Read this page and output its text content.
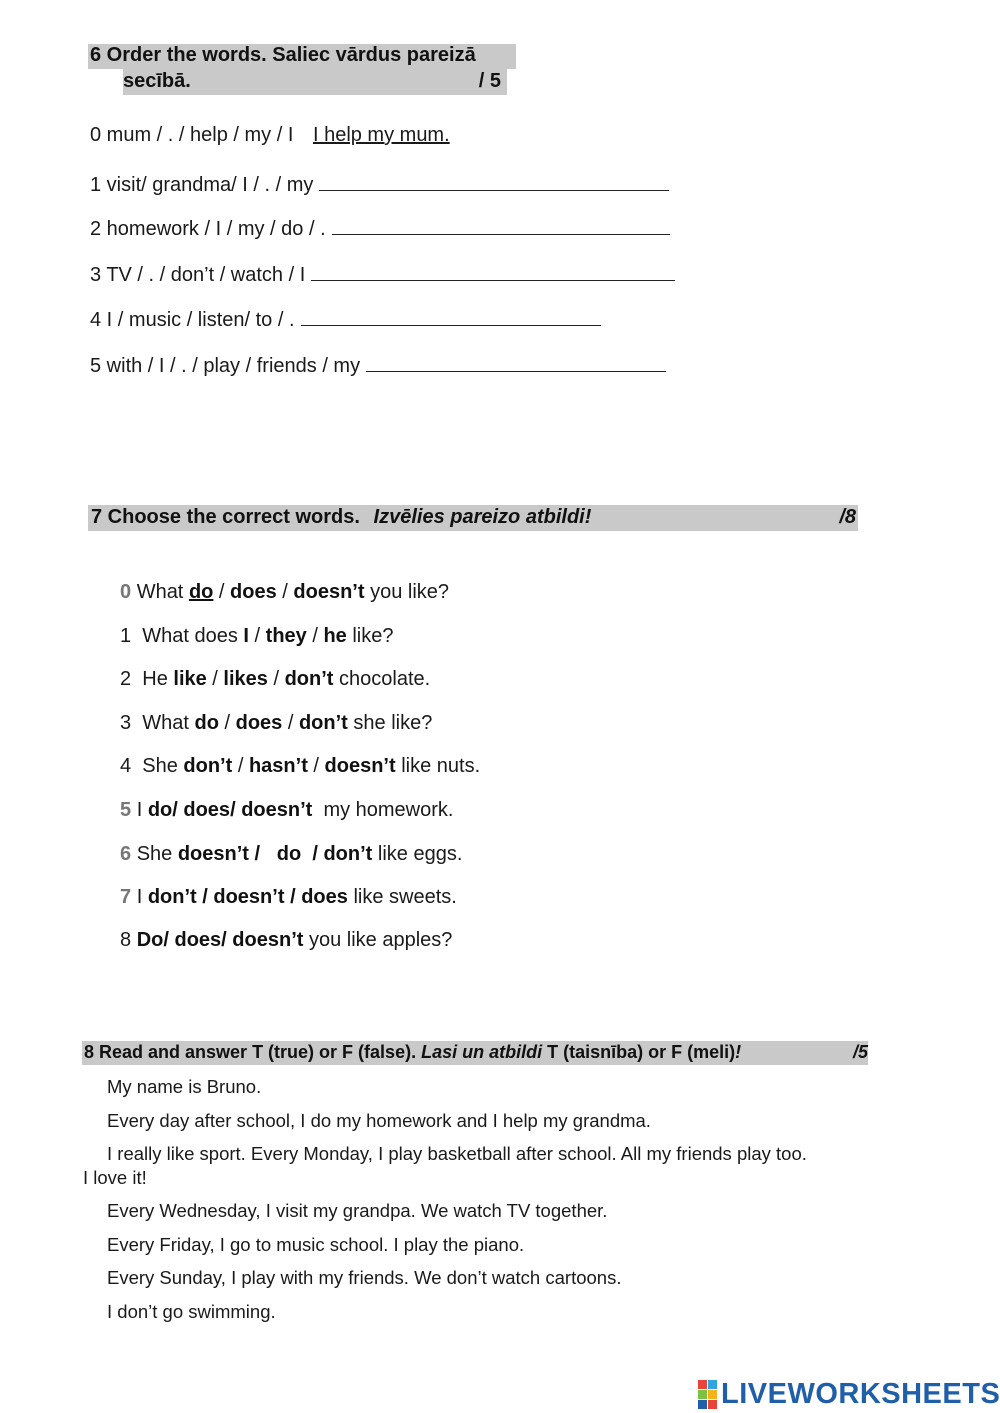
6 Order the words. Saliec vārdus pareizā
secībā.	/ 5
0 mum / . / help / my / I I help my mum.
1 visit/ grandma/ I / . / my
2 homework / I / my / do / .
3 TV / . / don’t / watch / I
4 I / music / listen/ to / .
5 with / I / . / play / friends / my
7 Choose the correct words. Izvēlies pareizo atbildi!	/8
0 What do / does / doesn’t you like?
1 What does I / they / he like?
2 He like / likes / don’t chocolate.
3 What do / does / don’t she like?
4 She don’t / hasn’t / doesn’t like nuts.
5 I do/ does/ doesn’t my homework.
6 She doesn’t / do / don’t like eggs.
7 I don’t / doesn’t / does like sweets.
8 Do/ does/ doesn’t you like apples?
8 Read and answer T (true) or F (false). Lasi un atbildi T (taisnība) or F (meli)!	/5
My name is Bruno.
Every day after school, I do my homework and I help my grandma.
I really like sport. Every Monday, I play basketball after school. All my friends play too.
I love it!
Every Wednesday, I visit my grandpa. We watch TV together.
Every Friday, I go to music school. I play the piano.
Every Sunday, I play with my friends. We don’t watch cartoons.
I don’t go swimming.
LIVEWORKSHEETS
